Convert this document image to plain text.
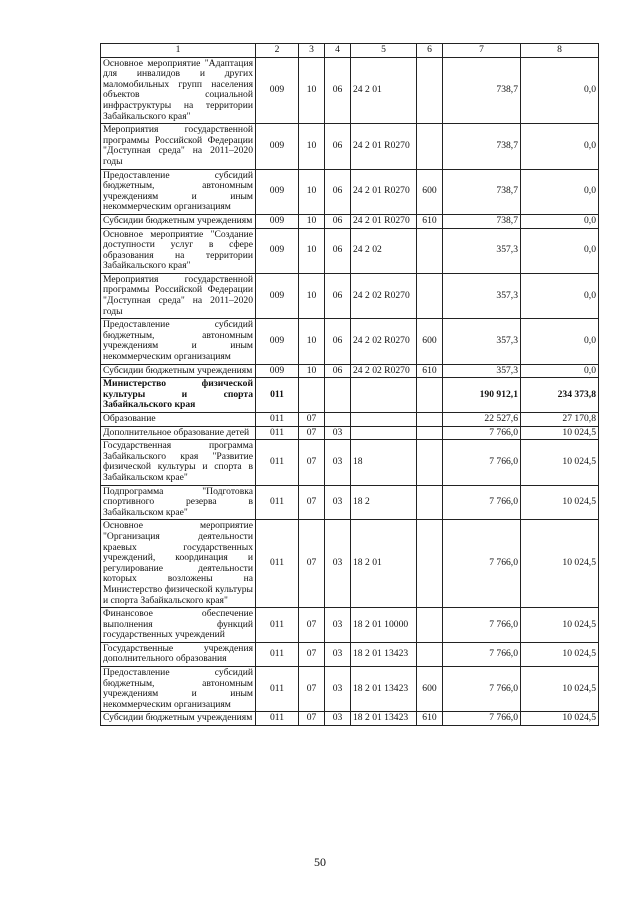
1	2	3	4	5	6	7	8
Основное мероприятие "Адаптация для инвалидов и других маломобильных групп населения объектов социальной инфраструктуры на территории Забайкальского края"	009	10	06	24 2 01		738,7	0,0
Мероприятия государственной программы Российской Федерации "Доступная среда" на 2011–2020 годы	009	10	06	24 2 01 R0270		738,7	0,0
Предоставление субсидий бюджетным, автономным учреждениям и иным некоммерческим организациям	009	10	06	24 2 01 R0270	600	738,7	0,0
Субсидии бюджетным учреждениям	009	10	06	24 2 01 R0270	610	738,7	0,0
Основное мероприятие "Создание доступности услуг в сфере образования на территории Забайкальского края"	009	10	06	24 2 02		357,3	0,0
Мероприятия государственной программы Российской Федерации "Доступная среда" на 2011–2020 годы	009	10	06	24 2 02 R0270		357,3	0,0
Предоставление субсидий бюджетным, автономным учреждениям и иным некоммерческим организациям	009	10	06	24 2 02 R0270	600	357,3	0,0
Субсидии бюджетным учреждениям	009	10	06	24 2 02 R0270	610	357,3	0,0
Министерство физической культуры и спорта Забайкальского края	011					190 912,1	234 373,8
Образование	011	07				22 527,6	27 170,8
Дополнительное образование детей	011	07	03			7 766,0	10 024,5
Государственная программа Забайкальского края "Развитие физической культуры и спорта в Забайкальском крае"	011	07	03	18		7 766,0	10 024,5
Подпрограмма "Подготовка спортивного резерва в Забайкальском крае"	011	07	03	18 2		7 766,0	10 024,5
Основное мероприятие "Организация деятельности краевых государственных учреждений, координация и регулирование деятельности которых возложены на Министерство физической культуры и спорта Забайкальского края"	011	07	03	18 2 01		7 766,0	10 024,5
Финансовое обеспечение выполнения функций государственных учреждений	011	07	03	18 2 01 10000		7 766,0	10 024,5
Государственные учреждения дополнительного образования	011	07	03	18 2 01 13423		7 766,0	10 024,5
Предоставление субсидий бюджетным, автономным учреждениям и иным некоммерческим организациям	011	07	03	18 2 01 13423	600	7 766,0	10 024,5
Субсидии бюджетным учреждениям	011	07	03	18 2 01 13423	610	7 766,0	10 024,5
50
